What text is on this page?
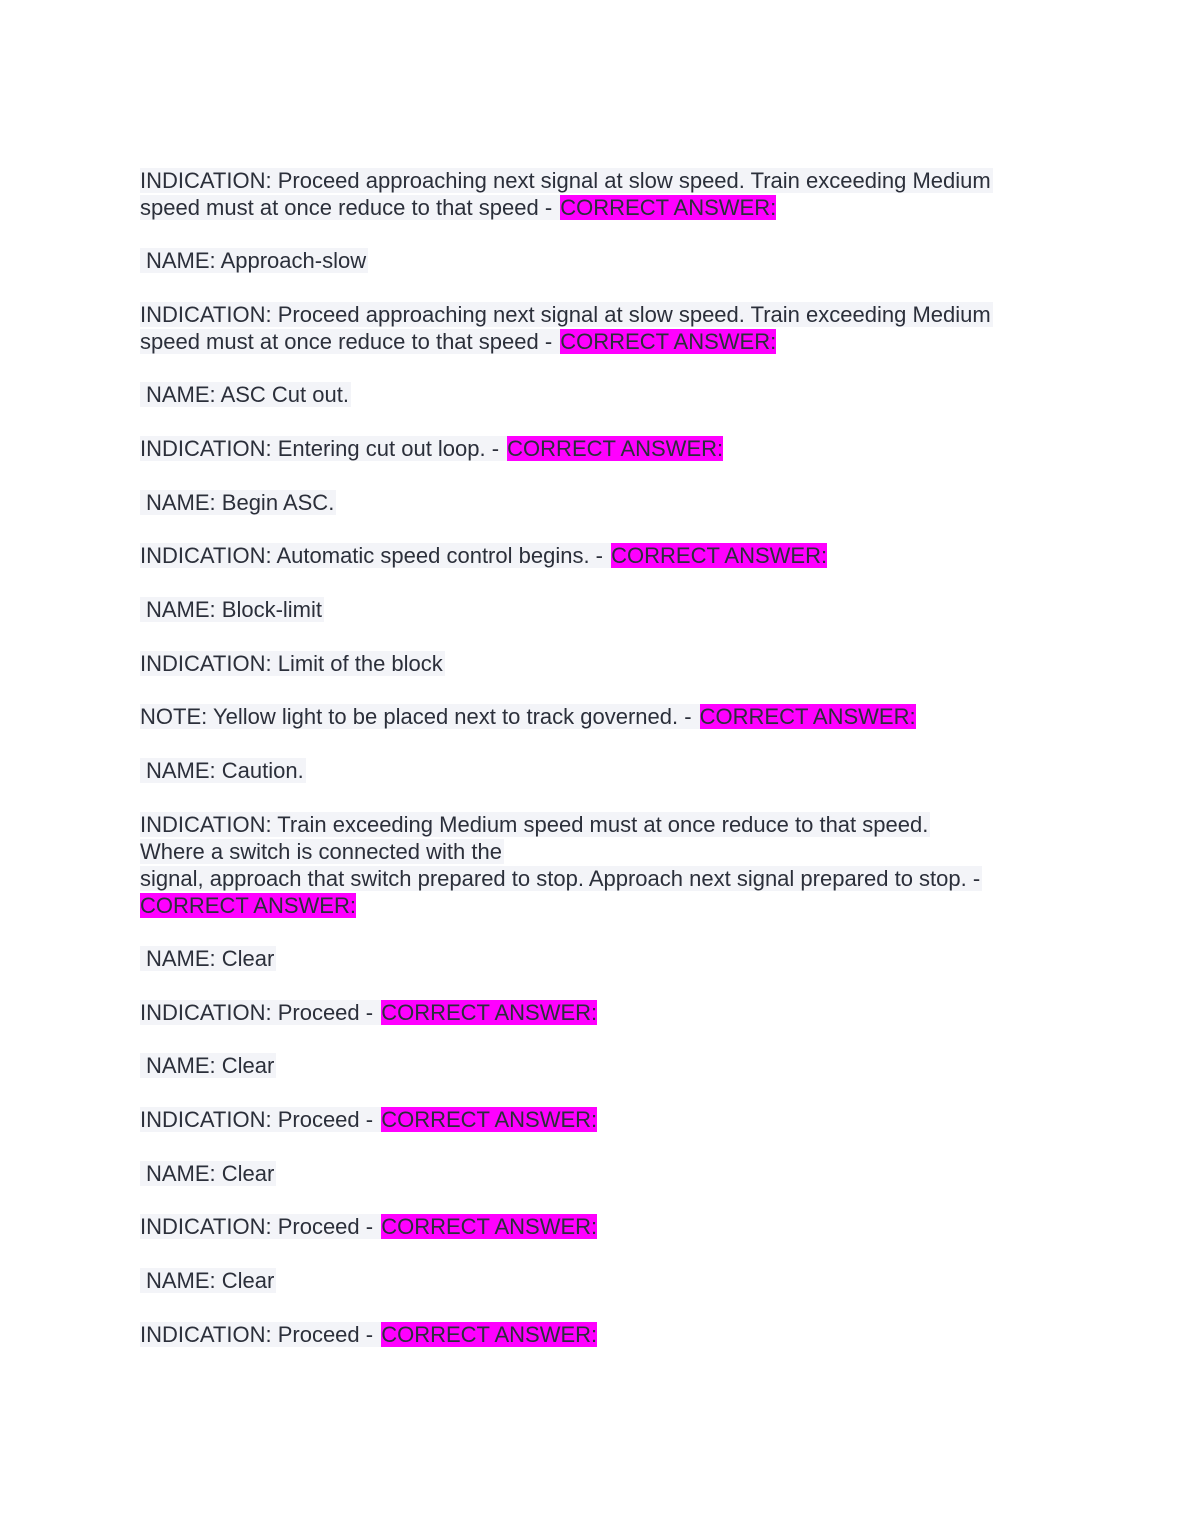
INDICATION: Proceed approaching next signal at slow speed. Train exceeding Medium
speed must at once reduce to that speed - CORRECT ANSWER:
NAME: Approach-slow
INDICATION: Proceed approaching next signal at slow speed. Train exceeding Medium
speed must at once reduce to that speed - CORRECT ANSWER:
NAME: ASC Cut out.
INDICATION: Entering cut out loop. - CORRECT ANSWER:
NAME: Begin ASC.
INDICATION: Automatic speed control begins. - CORRECT ANSWER:
NAME: Block-limit
INDICATION: Limit of the block
NOTE: Yellow light to be placed next to track governed. - CORRECT ANSWER:
NAME: Caution.
INDICATION: Train exceeding Medium speed must at once reduce to that speed.
Where a switch is connected with the
signal, approach that switch prepared to stop. Approach next signal prepared to stop. -
CORRECT ANSWER:
NAME: Clear
INDICATION: Proceed - CORRECT ANSWER:
NAME: Clear
INDICATION: Proceed - CORRECT ANSWER:
NAME: Clear
INDICATION: Proceed - CORRECT ANSWER:
NAME: Clear
INDICATION: Proceed - CORRECT ANSWER:
